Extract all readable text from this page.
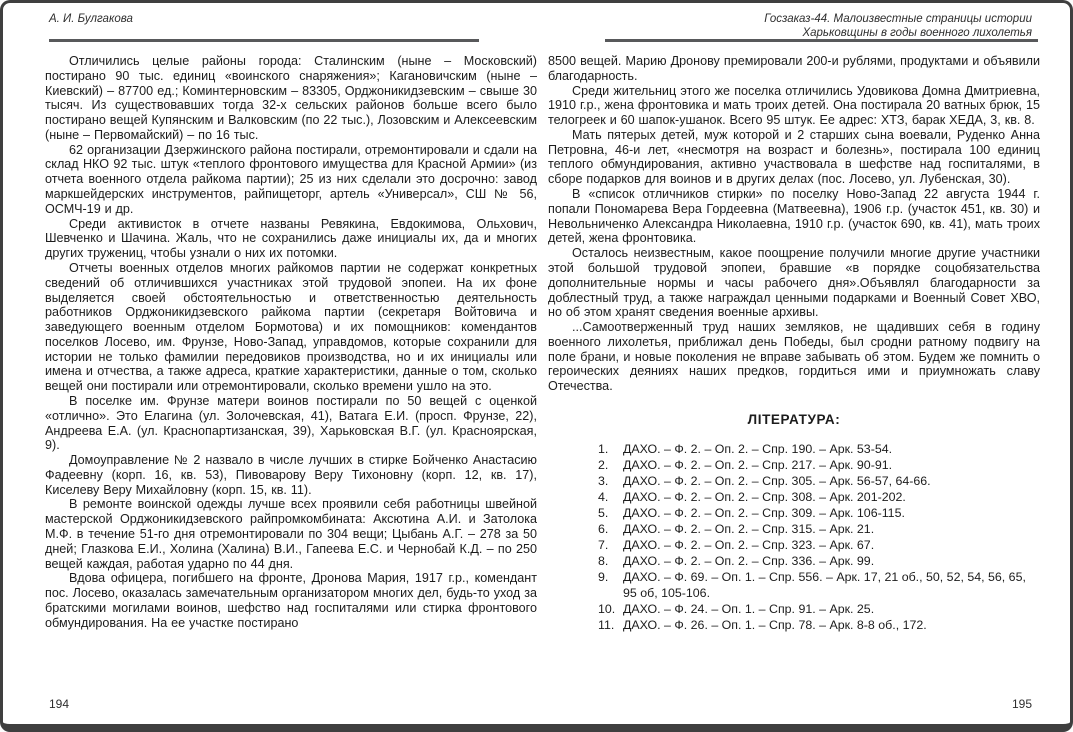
А. И. Булгакова	Госзаказ-44. Малоизвестные страницы истории
Харьковщины в годы военного лихолетья

Отличились целые районы города: Сталинским (ныне – Московский) постирано 90 тыс. единиц «воинского снаряжения»; Кагановичским (ныне – Киевский) – 87700 ед.; Коминтерновским – 83305, Орджоникидзевским – свыше 30 тысяч. Из существовавших тогда 32-х сельских районов больше всего было постирано вещей Купянским и Валковским (по 22 тыс.), Лозовским и Алексеевским (ныне – Первомайский) – по 16 тыс.

62 организации Дзержинского района постирали, отремонтировали и сдали на склад НКО 92 тыс. штук «теплого фронтового имущества для Красной Армии» (из отчета военного отдела райкома партии); 25 из них сделали это досрочно: завод маркшейдерских инструментов, райпищеторг, артель «Универсал», СШ № 56, ОСМЧ-19 и др.

Среди активисток в отчете названы Ревякина, Евдокимова, Ольхович, Шевченко и Шачина. Жаль, что не сохранились даже инициалы их, да и многих других тружениц, чтобы узнали о них их потомки.

Отчеты военных отделов многих райкомов партии не содержат конкретных сведений об отличившихся участниках этой трудовой эпопеи. На их фоне выделяется своей обстоятельностью и ответственностью деятельность работников Орджоникидзевского райкома партии (секретаря Войтовича и заведующего военным отделом Бормотова) и их помощников: комендантов поселков Лосево, им. Фрунзе, Ново-Запад, управдомов, которые сохранили для истории не только фамилии передовиков производства, но и их инициалы или имена и отчества, а также адреса, краткие характеристики, данные о том, сколько вещей они постирали или отремонтировали, сколько времени ушло на это.

В поселке им. Фрунзе матери воинов постирали по 50 вещей с оценкой «отлично». Это Елагина (ул. Золочевская, 41), Ватага Е.И. (просп. Фрунзе, 22), Андреева Е.А. (ул. Краснопартизанская, 39), Харьковская В.Г. (ул. Красноярская, 9).

Домоуправление № 2 назвало в числе лучших в стирке Бойченко Анастасию Фадеевну (корп. 16, кв. 53), Пивоварову Веру Тихоновну (корп. 12, кв. 17), Киселеву Веру Михайловну (корп. 15, кв. 11).

В ремонте воинской одежды лучше всех проявили себя работницы швейной мастерской Орджоникидзевского райпромкомбината: Аксютина А.И. и Затолока М.Ф. в течение 51-го дня отремонтировали по 304 вещи; Цыбань А.Г. – 278 за 50 дней; Глазкова Е.И., Холина (Халина) В.И., Гапеева Е.С. и Чернобай К.Д. – по 250 вещей каждая, работая ударно по 44 дня.

Вдова офицера, погибшего на фронте, Дронова Мария, 1917 г.р., комендант пос. Лосево, оказалась замечательным организатором многих дел, будь-то уход за братскими могилами воинов, шефство над госпиталями или стирка фронтового обмундирования. На ее участке постирано

8500 вещей. Марию Дронову премировали 200-и рублями, продуктами и объявили благодарность.

Среди жительниц этого же поселка отличились Удовикова Домна Дмитриевна, 1910 г.р., жена фронтовика и мать троих детей. Она постирала 20 ватных брюк, 15 телогреек и 60 шапок-ушанок. Всего 95 штук. Ее адрес: ХТЗ, барак ХЕДА, 3, кв. 8.

Мать пятерых детей, муж которой и 2 старших сына воевали, Руденко Анна Петровна, 46-и лет, «несмотря на возраст и болезнь», постирала 100 единиц теплого обмундирования, активно участвовала в шефстве над госпиталями, в сборе подарков для воинов и в других делах (пос. Лосево, ул. Лубенская, 30).

В «список отличников стирки» по поселку Ново-Запад 22 августа 1944 г. попали Пономарева Вера Гордеевна (Матвеевна), 1906 г.р. (участок 451, кв. 30) и Невольниченко Александра Николаевна, 1910 г.р. (участок 690, кв. 41), мать троих детей, жена фронтовика.

Осталось неизвестным, какое поощрение получили многие другие участники этой большой трудовой эпопеи, бравшие «в порядке соцобязательства дополнительные нормы и часы рабочего дня».Объявлял благодарности за доблестный труд, а также награждал ценными подарками и Военный Совет ХВО, но об этом хранят сведения военные архивы.

...Самоотверженный труд наших земляков, не щадивших себя в годину военного лихолетья, приближал день Победы, был сродни ратному подвигу на поле брани, и новые поколения не вправе забывать об этом. Будем же помнить о героических деяниях наших предков, гордиться ими и приумножать славу Отечества.

ЛІТЕРАТУРА:
1.	ДАХО. – Ф. 2. – Оп. 2. – Спр. 190. – Арк. 53-54.
2.	ДАХО. – Ф. 2. – Оп. 2. – Спр. 217. – Арк. 90-91.
3.	ДАХО. – Ф. 2. – Оп. 2. – Спр. 305. – Арк. 56-57, 64-66.
4.	ДАХО. – Ф. 2. – Оп. 2. – Спр. 308. – Арк. 201-202.
5.	ДАХО. – Ф. 2. – Оп. 2. – Спр. 309. – Арк. 106-115.
6.	ДАХО. – Ф. 2. – Оп. 2. – Спр. 315. – Арк. 21.
7.	ДАХО. – Ф. 2. – Оп. 2. – Спр. 323. – Арк. 67.
8.	ДАХО. – Ф. 2. – Оп. 2. – Спр. 336. – Арк. 99.
9.	ДАХО. – Ф. 69. – Оп. 1. – Спр. 556. – Арк. 17, 21 об., 50, 52, 54, 56, 65, 95 об, 105-106.
10. ДАХО. – Ф. 24. – Оп. 1. – Спр. 91. – Арк. 25.
11. ДАХО. – Ф. 26. – Оп. 1. – Спр. 78. – Арк. 8-8 об., 172.
194	195
